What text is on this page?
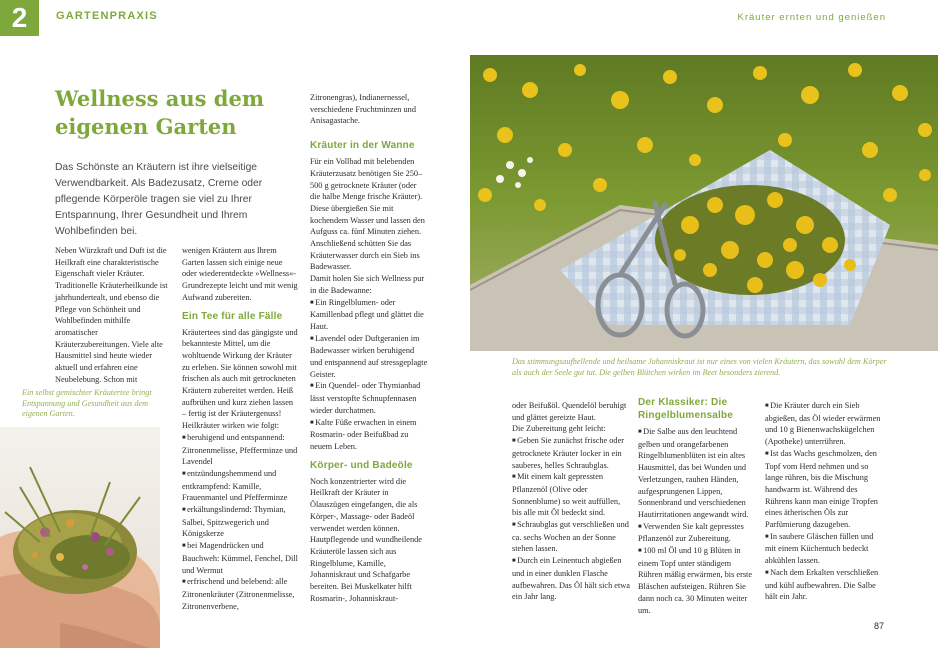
2	GARTENPRAXIS	Kräuter ernten und genießen
Wellness aus dem eigenen Garten

Das Schönste an Kräutern ist ihre vielseitige Verwendbarkeit. Als Badezusatz, Creme oder pflegende Körperöle tragen sie viel zu Ihrer Entspannung, Ihrer Gesundheit und Ihrem Wohlbefinden bei.

Neben Würzkraft und Duft ist die Heilkraft eine charakteristische Eigenschaft vieler Kräuter. Traditionelle Kräuterheilkunde ist jahrhundertealt, und ebenso die Pflege von Schönheit und Wohlbefinden mithilfe aromatischer Kräuterzubereitungen. Viele alte Hausmittel sind heute wieder aktuell und erfahren eine Neubelebung. Schon mit

Ein selbst gemischter Kräutertee bringt Entspannung und Gesundheit aus dem eigenen Garten.

wenigen Kräutern aus Ihrem Garten lassen sich einige neue oder wiederentdeckte »Wellness«-Grundrezepte leicht und mit wenig Aufwand zubereiten.

Ein Tee für alle Fälle

Kräutertees sind das gängigste und bekannteste Mittel, um die wohltuende Wirkung der Kräuter zu erleben. Sie können sowohl mit frischen als auch mit getrockneten Kräutern zubereitet werden. Heiß aufbrühen und kurz ziehen lassen – fertig ist der Kräutergenuss! Heilkräuter wirken wie folgt:

■ beruhigend und entspannend: Zitronenmelisse, Pfefferminze und Lavendel

■ entzündungshemmend und entkrampfend: Kamille, Frauenmantel und Pfefferminze

■ erkältungslindernd: Thymian, Salbei, Spitzwegerich und Königskerze

■ bei Magendrücken und Bauchweh: Kümmel, Fenchel, Dill und Wermut

■ erfrischend und belebend: alle Zitronenkräuter (Zitronenmelisse, Zitronenverbene,

Zitronengras), Indianernessel, verschiedene Fruchtminzen und Anisagastache.

Kräuter in der Wanne

Für ein Vollbad mit belebenden Kräuterzusatz benötigen Sie 250–500 g getrocknete Kräuter (oder die halbe Menge frische Kräuter). Diese übergießen Sie mit kochendem Wasser und lassen den Aufguss ca. fünf Minuten ziehen. Anschließend schütten Sie das Kräuterwasser durch ein Sieb ins Badewasser.

Damit holen Sie sich Wellness pur in die Badewanne:

■ Ein Ringelblumen- oder Kamillenbad pflegt und glättet die Haut.

■ Lavendel oder Duftgeranien im Badewasser wirken beruhigend und entspannend auf stressgeplagte Geister.

■ Ein Quendel- oder Thymianbad lässt verstopfte Schnupfennasen wieder durchatmen.

■ Kalte Füße erwachen in einem Rosmarin- oder Beifußbad zu neuem Leben.

Körper- und Badeöle

Noch konzentrierter wird die Heilkraft der Kräuter in Ölauszügen eingefangen, die als Körper-, Massage- oder Badeöl verwendet werden können. Hautpflegende und wundheilende Kräuteröle lassen sich aus Ringelblume, Kamille, Johanniskraut und Schafgarbe bereiten. Bei Muskelkater hilft Rosmarin-, Johanniskraut-

Das stimmungsaufhellende und heilsame Johanniskraut ist nur eines von vielen Kräutern, das sowohl dem Körper als auch der Seele gut tut. Die gelben Blütchen wirken im Beet besonders zierend.

oder Beifußöl. Quendelöl beruhigt und glättet gereizte Haut.

Die Zubereitung geht leicht:

■ Geben Sie zunächst frische oder getrocknete Kräuter locker in ein sauberes, helles Schraubglas.

■ Mit einem kalt gepressten Pflanzenöl (Olive oder Sonnenblume) so weit auffüllen, bis alle mit Öl bedeckt sind.

■ Schraubglas gut verschließen und ca. sechs Wochen an der Sonne stehen lassen.

■ Durch ein Leinentuch abgießen und in einer dunklen Flasche aufbewahren. Das Öl hält sich etwa ein Jahr lang.

Der Klassiker: Die Ringelblumensalbe

■ Die Salbe aus den leuchtend gelben und orangefarbenen Ringelblumenblüten ist ein altes Hausmittel, das bei Wunden und Verletzungen, rauhen Händen, aufgesprungenen Lippen, Sonnenbrand und verschiedenen Hautirritationen angewandt wird.

■ Verwenden Sie kalt gepresstes Pflanzenöl zur Zubereitung.

■ 100 ml Öl und 10 g Blüten in einem Topf unter ständigem Rühren mäßig erwärmen, bis erste Bläschen aufsteigen. Rühren Sie dann noch ca. 30 Minuten weiter um.

■ Die Kräuter durch ein Sieb abgießen, das Öl wieder erwärmen und 10 g Bienenwachskügelchen (Apotheke) unterrühren.

■ Ist das Wachs geschmolzen, den Topf vom Herd nehmen und so lange rühren, bis die Mischung handwarm ist. Während des Rührens kann man einige Tropfen eines ätherischen Öls zur Parfümierung dazugeben.

■ In saubere Gläschen füllen und mit einem Küchentuch bedeckt abkühlen lassen.

■ Nach dem Erkalten verschließen und kühl aufbewahren. Die Salbe hält ein Jahr.

87
